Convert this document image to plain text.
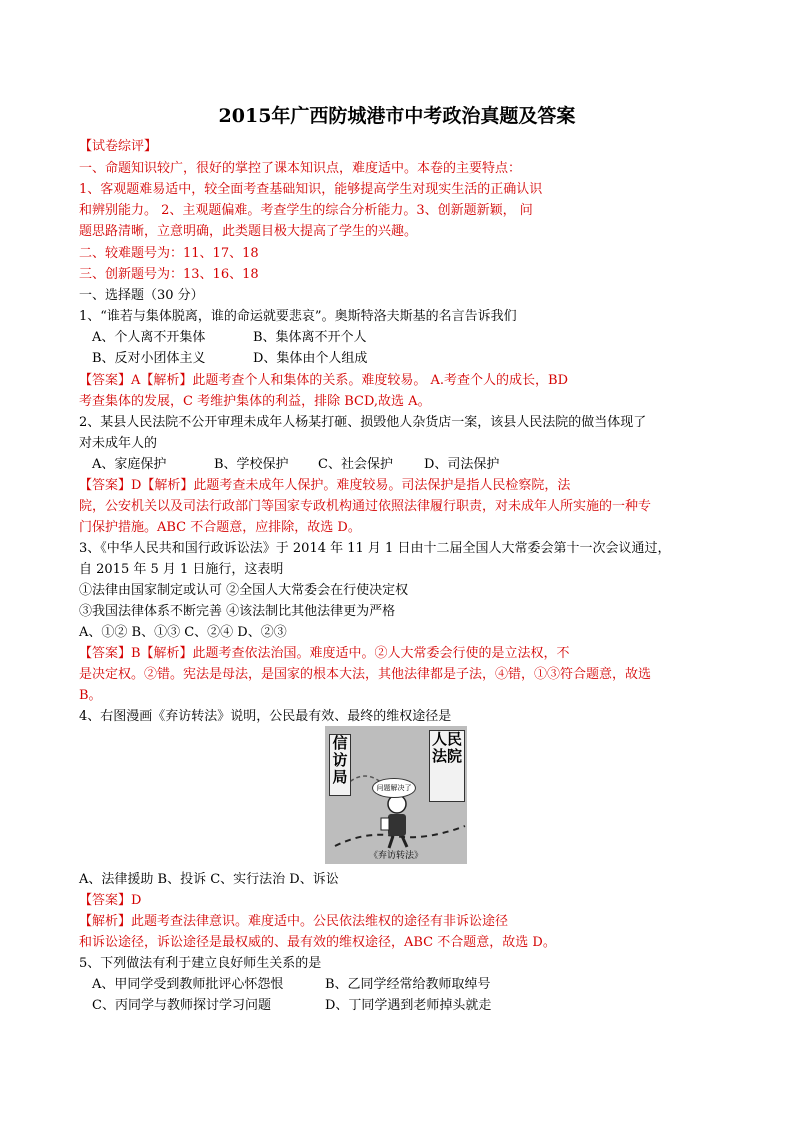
2015年广西防城港市中考政治真题及答案
【试卷综评】
一、命题知识较广，很好的掌控了课本知识点，难度适中。本卷的主要特点：
1、客观题难易适中，较全面考查基础知识，能够提高学生对现实生活的正确认识
和辨别能力。 2、主观题偏难。考查学生的综合分析能力。3、创新题新颖， 问
题思路清晰，立意明确，此类题目极大提高了学生的兴趣。
二、较难题号为：11、17、18
三、创新题号为：13、16、18
一、选择题（30 分）
1、“谁若与集体脱离，谁的命运就要悲哀”。奥斯特洛夫斯基的名言告诉我们
A、个人离不开集体	B、集体离不开个人
B、反对小团体主义	D、集体由个人组成
【答案】A【解析】此题考查个人和集体的关系。难度较易。 A.考查个人的成长，BD
考查集体的发展，C 考维护集体的利益，排除 BCD,故选 A。
2、某县人民法院不公开审理未成年人杨某打砸、损毁他人杂货店一案，该县人民法院的做当体现了
对未成年人的
A、家庭保护	B、学校保护 C、社会保护 D、司法保护
【答案】D【解析】此题考查未成年人保护。难度较易。司法保护是指人民检察院，法
院，公安机关以及司法行政部门等国家专政机构通过依照法律履行职责，对未成年人所实施的一种专
门保护措施。ABC 不合题意，应排除，故选 D。
3、《中华人民共和国行政诉讼法》于 2014 年 11 月 1 日由十二届全国人大常委会第十一次会议通过，
自 2015 年 5 月 1 日施行，这表明
①法律由国家制定或认可 ②全国人大常委会在行使决定权
③我国法律体系不断完善 ④该法制比其他法律更为严格
A、①② B、①③ C、②④ D、②③
【答案】B【解析】此题考查依法治国。难度适中。②人大常委会行使的是立法权，不
是决定权。②错。宪法是母法，是国家的根本大法，其他法律都是子法，④错，①③符合题意，故选
B。
4、右图漫画《弃访转法》说明，公民最有效、最终的维权途径是
信访局
人民法院
问题解决了
《弃访转法》
A、法律援助 B、投诉 C、实行法治 D、诉讼
【答案】D
【解析】此题考查法律意识。难度适中。公民依法维权的途径有非诉讼途径
和诉讼途径，诉讼途径是最权威的、最有效的维权途径，ABC 不合题意，故选 D。
5、下列做法有利于建立良好师生关系的是
A、甲同学受到教师批评心怀怨恨	B、乙同学经常给教师取绰号
C、丙同学与教师探讨学习问题	D、丁同学遇到老师掉头就走
